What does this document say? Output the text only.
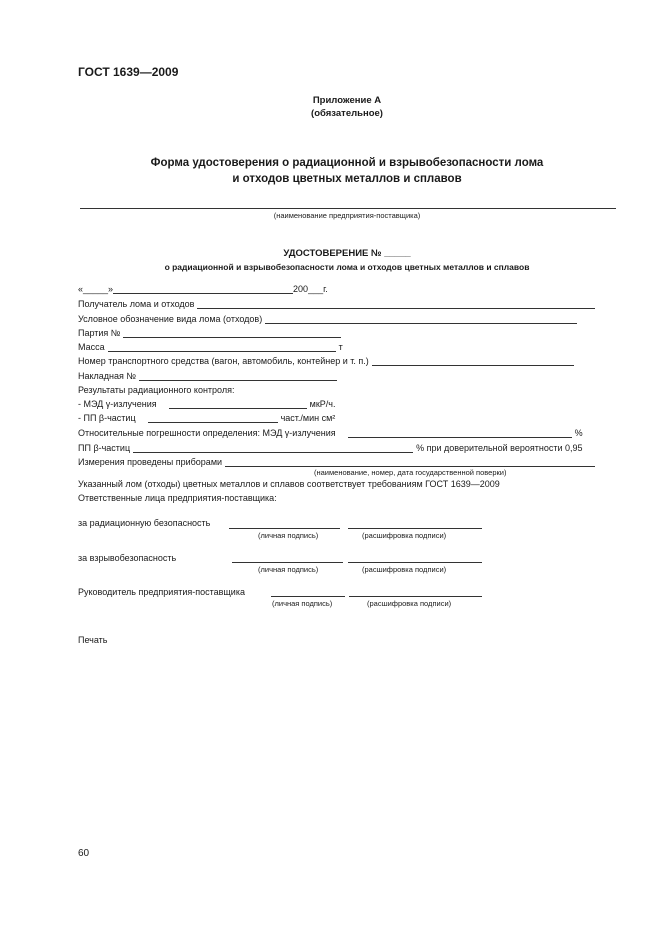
ГОСТ 1639—2009
Приложение А
(обязательное)
Форма удостоверения о радиационной и взрывобезопасности лома
и отходов цветных металлов и сплавов
(наименование предприятия-поставщика)
УДОСТОВЕРЕНИЕ № _____
о радиационной и взрывобезопасности лома и отходов цветных металлов и сплавов
«_____»	200___г.
Получатель лома и отходов
Условное обозначение вида лома (отходов)
Партия №
Масса	т
Номер транспортного средства (вагон, автомобиль, контейнер и т. п.)
Накладная №
Результаты радиационного контроля:
- МЭД γ-излучения	мкР/ч.
- ПП β-частиц	част./мин см²
Относительные погрешности определения: МЭД γ-излучения	%
ПП β-частиц	% при доверительной вероятности 0,95
Измерения проведены приборами
(наименование, номер, дата государственной поверки)
Указанный лом (отходы) цветных металлов и сплавов соответствует требованиям ГОСТ 1639—2009
Ответственные лица предприятия-поставщика:
за радиационную безопасность
(личная подпись)	(расшифровка подписи)
за взрывобезопасность
(личная подпись)	(расшифровка подписи)
Руководитель предприятия-поставщика
(личная подпись)	(расшифровка подписи)
Печать
60
